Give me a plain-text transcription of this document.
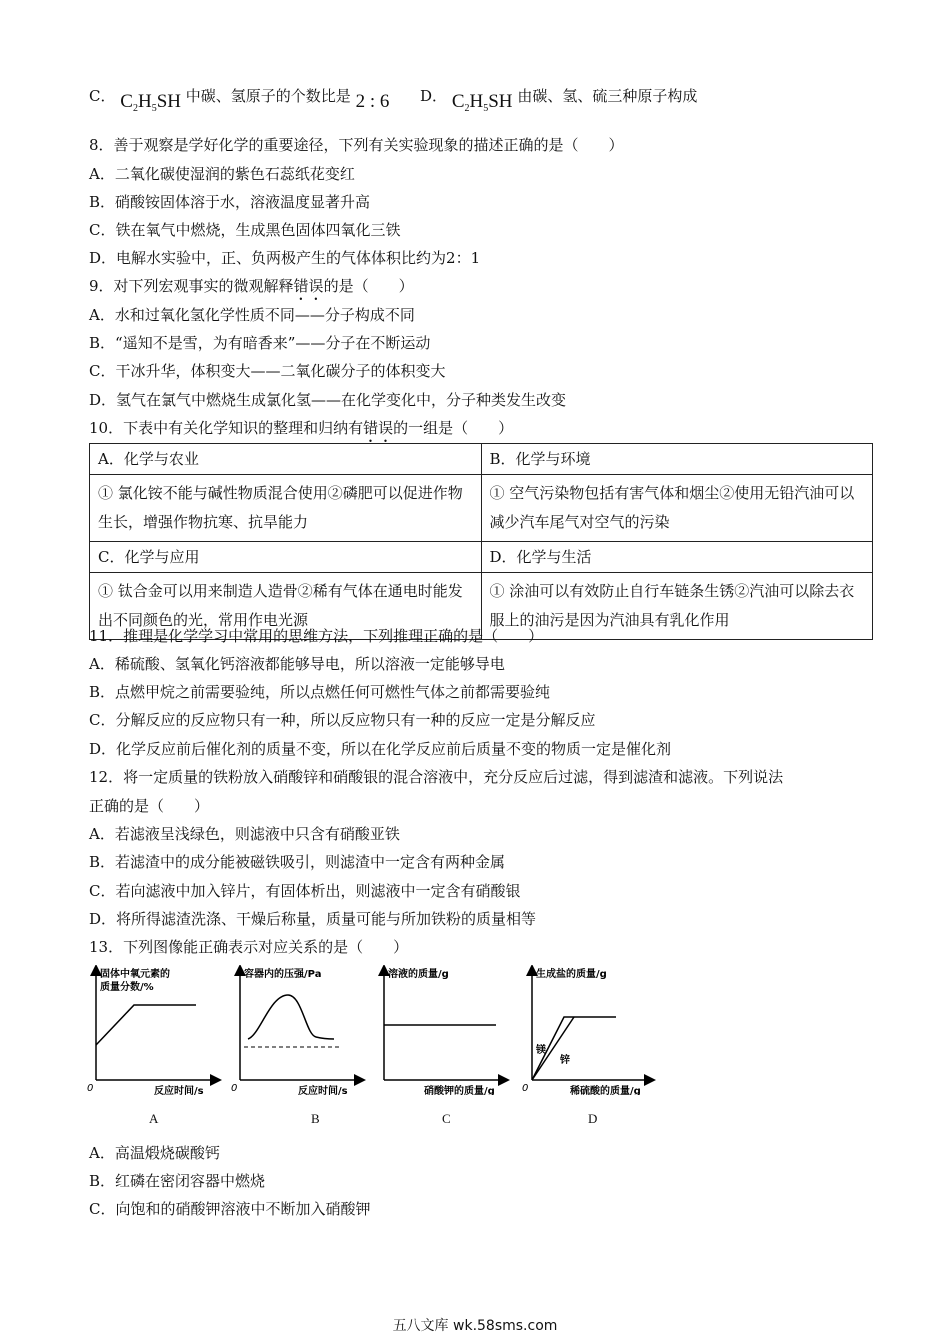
C． $C_2H_5SH$ 中碳、氢原子的个数比是 2 : 6 D． $C_2H_5SH$ 由碳、氢、硫三种原子构成
8．善于观察是学好化学的重要途径，下列有关实验现象的描述正确的是（　　）
A．二氧化碳使湿润的紫色石蕊纸花变红
B．硝酸铵固体溶于水，溶液温度显著升高
C．铁在氧气中燃烧，生成黑色固体四氧化三铁
D．电解水实验中，正、负两极产生的气体体积比约为2：1
9．对下列宏观事实的微观解释错误的是（　　）
A．水和过氧化氢化学性质不同——分子构成不同
B．“遥知不是雪，为有暗香来”——分子在不断运动
C．干冰升华，体积变大——二氧化碳分子的体积变大
D．氢气在氯气中燃烧生成氯化氢——在化学变化中，分子种类发生改变
10．下表中有关化学知识的整理和归纳有错误的一组是（　　）
A．化学与农业	B．化学与环境
① 氯化铵不能与碱性物质混合使用②磷肥可以促进作物生长，增强作物抗寒、抗旱能力	① 空气污染物包括有害气体和烟尘②使用无铅汽油可以减少汽车尾气对空气的污染
C．化学与应用	D．化学与生活
① 钛合金可以用来制造人造骨②稀有气体在通电时能发出不同颜色的光，常用作电光源	① 涂油可以有效防止自行车链条生锈②汽油可以除去衣服上的油污是因为汽油具有乳化作用
11．推理是化学学习中常用的思维方法，下列推理正确的是（　　）
A．稀硫酸、氢氧化钙溶液都能够导电，所以溶液一定能够导电
B．点燃甲烷之前需要验纯，所以点燃任何可燃性气体之前都需要验纯
C．分解反应的反应物只有一种，所以反应物只有一种的反应一定是分解反应
D．化学反应前后催化剂的质量不变，所以在化学反应前后质量不变的物质一定是催化剂
12．将一定质量的铁粉放入硝酸锌和硝酸银的混合溶液中，充分反应后过滤，得到滤渣和滤液。下列说法
正确的是（　　）
A．若滤液呈浅绿色，则滤液中只含有硝酸亚铁
B．若滤渣中的成分能被磁铁吸引，则滤渣中一定含有两种金属
C．若向滤液中加入锌片，有固体析出，则滤液中一定含有硝酸银
D．将所得滤渣洗涤、干燥后称量，质量可能与所加铁粉的质量相等
13．下列图像能正确表示对应关系的是（　　）
固体中氧元素的
质量分数/%
反应时间/s
0
容器内的压强/Pa
反应时间/s
0
溶液的质量/g
硝酸钾的质量/g
生成盐的质量/g
稀硫酸的质量/g
0
镁
锌
A	B	C	D
A．高温煅烧碳酸钙
B．红磷在密闭容器中燃烧
C．向饱和的硝酸钾溶液中不断加入硝酸钾
五八文库 wk.58sms.com
